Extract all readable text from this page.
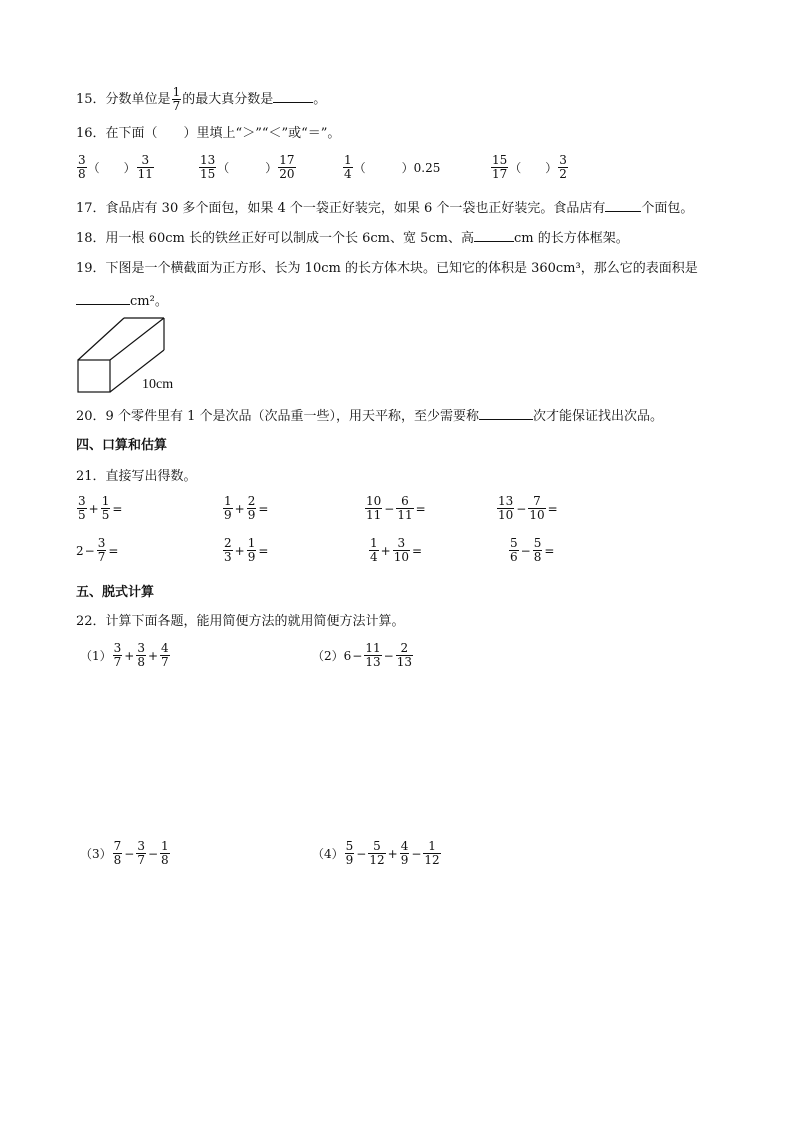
15．分数单位是 $\frac{1}{7}$ 的最大真分数是	。
16．在下面（　　）里填上“＞”“＜”或“＝”。
$\frac{3}{8}$ （　　） $\frac{3}{11}$	$\frac{13}{15}$ （　　　） $\frac{17}{20}$	$\frac{1}{4}$ （　　　） 0.25	$\frac{15}{17}$ （　　） $\frac{3}{2}$
17．食品店有 30 多个面包，如果 4 个一袋正好装完，如果 6 个一袋也正好装完。食品店有	个面包。
18．用一根 60cm 长的铁丝正好可以制成一个长 6cm、宽 5cm、高	cm 的长方体框架。
19．下图是一个横截面为正方形、长为 10cm 的长方体木块。已知它的体积是 360cm³，那么它的表面积是
cm²。
10cm
20．9 个零件里有 1 个是次品（次品重一些），用天平称，至少需要称	次才能保证找出次品。
四、口算和估算
21．直接写出得数。
$\frac{3}{5} + \frac{1}{5}$ =	$\frac{1}{9} + \frac{2}{9}$ =	$\frac{10}{11} - \frac{6}{11}$ =	$\frac{13}{10} - \frac{7}{10}$ =
$2 - \frac{3}{7}$ =	$\frac{2}{3} + \frac{1}{9}$ =	$\frac{1}{4} + \frac{3}{10}$ =	$\frac{5}{6} - \frac{5}{8}$ =
五、脱式计算
22．计算下面各题，能用简便方法的就用简便方法计算。
$(1) \frac{3}{7} + \frac{3}{8} + \frac{4}{7}$	（2） $6 - \frac{11}{13} - \frac{2}{13}$
$(3) \frac{7}{8} - \frac{3}{7} - \frac{1}{8}$	$(4) \frac{5}{9} - \frac{5}{12} + \frac{4}{9} - \frac{1}{12}$
